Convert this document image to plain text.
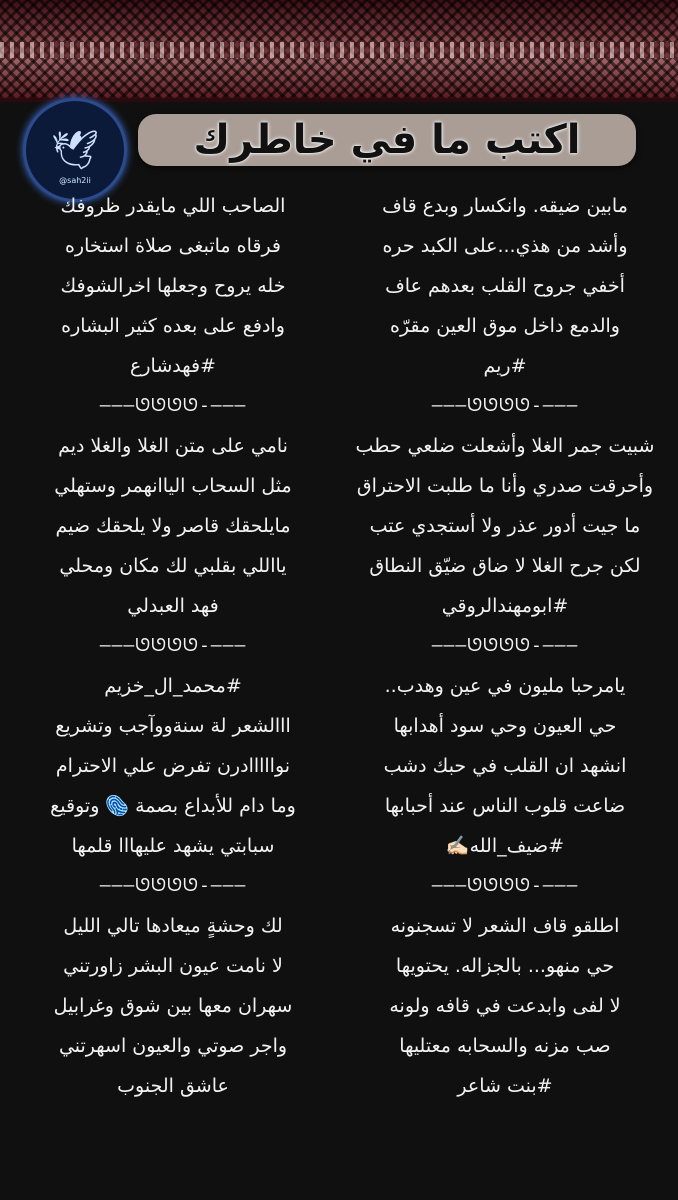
🕊
@sah2ii
اكتب ما في خاطرك
مابين ضيقه. وانكسار وبدع قاف
وأشد من هذي...على الكبد حره
أخفي جروح القلب بعدهم عاف
والدمع داخل موق العين مقرّه
#ريم
———ᘎᘎᘎᘎ-———
شبيت جمر الغلا وأشعلت ضلعي حطب
وأحرقت صدري وأنا ما طلبت الاحتراق
ما جيت أدور عذر ولا أستجدي عتب
لكن جرح الغلا لا ضاق ضيّق النطاق
#ابومهندالروقي
———ᘎᘎᘎᘎ-———
يامرحبا مليون في عين وهدب..
حي العيون وحي سود أهدابها
انشهد ان القلب في حبك دشب
ضاعت قلوب الناس عند أحبابها
#ضيف_الله✍🏻
———ᘎᘎᘎᘎ-———
اطلقو قاف الشعر لا تسجنونه
حي منهو... بالجزاله. يحتويها
لا لفى وابدعت في قافه ولونه
صب مزنه والسحابه معتليها
#بنت شاعر
الصاحب اللي مايقدر ظروفك
فرقاه ماتبغى صلاة استخاره
خله يروح وجعلها اخرالشوفك
وادفع على بعده كثير البشاره
#فهدشارع
———ᘎᘎᘎᘎ-———
نامي على متن الغلا والغلا ديم
مثل السحاب الياانهمر وستهلي
مايلحقك قاصر ولا يلحقك ضيم
يااللي بقلبي لك مكان ومحلي
فهد العبدلي
———ᘎᘎᘎᘎ-———
#محمد_ال_خزيم
ااالشعر لة سنةووآجب وتشريع
نوااااادرن تفرض علي الاحترام
وما دام للأبداع بصمة 🫆 وتوقيع
سبابتي يشهد عليهااا قلمها
———ᘎᘎᘎᘎ-———
لك وحشةٍ ميعادها تالي الليل
لا نامت عيون البشر زاورتني
سهران معها بين شوق وغرابيل
واجر صوتي والعيون اسهرتني
عاشق الجنوب
